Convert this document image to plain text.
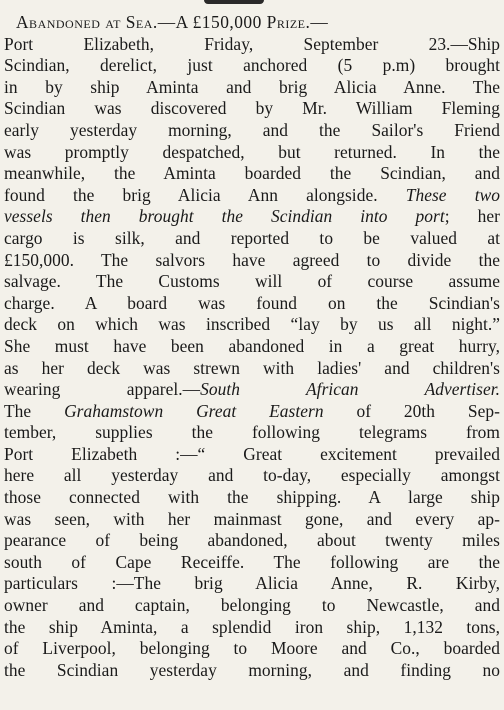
Abandoned at Sea.—A £150,000 Prize.—
Port Elizabeth, Friday, September 23.—Ship
Scindian, derelict, just anchored (5 p.m) brought
in by ship Aminta and brig Alicia Anne. The
Scindian was discovered by Mr. William Fleming
early yesterday morning, and the Sailor's Friend
was promptly despatched, but returned. In the
meanwhile, the Aminta boarded the Scindian, and
found the brig Alicia Ann alongside. These two
vessels then brought the Scindian into port; her
cargo is silk, and reported to be valued at
£150,000. The salvors have agreed to divide the
salvage. The Customs will of course assume
charge. A board was found on the Scindian's
deck on which was inscribed “lay by us all night.”
She must have been abandoned in a great hurry,
as her deck was strewn with ladies' and children's
wearing apparel.—South African Advertiser.
The Grahamstown Great Eastern of 20th Sep-
tember, supplies the following telegrams from
Port Elizabeth :—“ Great excitement prevailed
here all yesterday and to-day, especially amongst
those connected with the shipping. A large ship
was seen, with her mainmast gone, and every ap-
pearance of being abandoned, about twenty miles
south of Cape Receiffe. The following are the
particulars :—The brig Alicia Anne, R. Kirby,
owner and captain, belonging to Newcastle, and
the ship Aminta, a splendid iron ship, 1,132 tons,
of Liverpool, belonging to Moore and Co., boarded
the Scindian yesterday morning, and finding no
